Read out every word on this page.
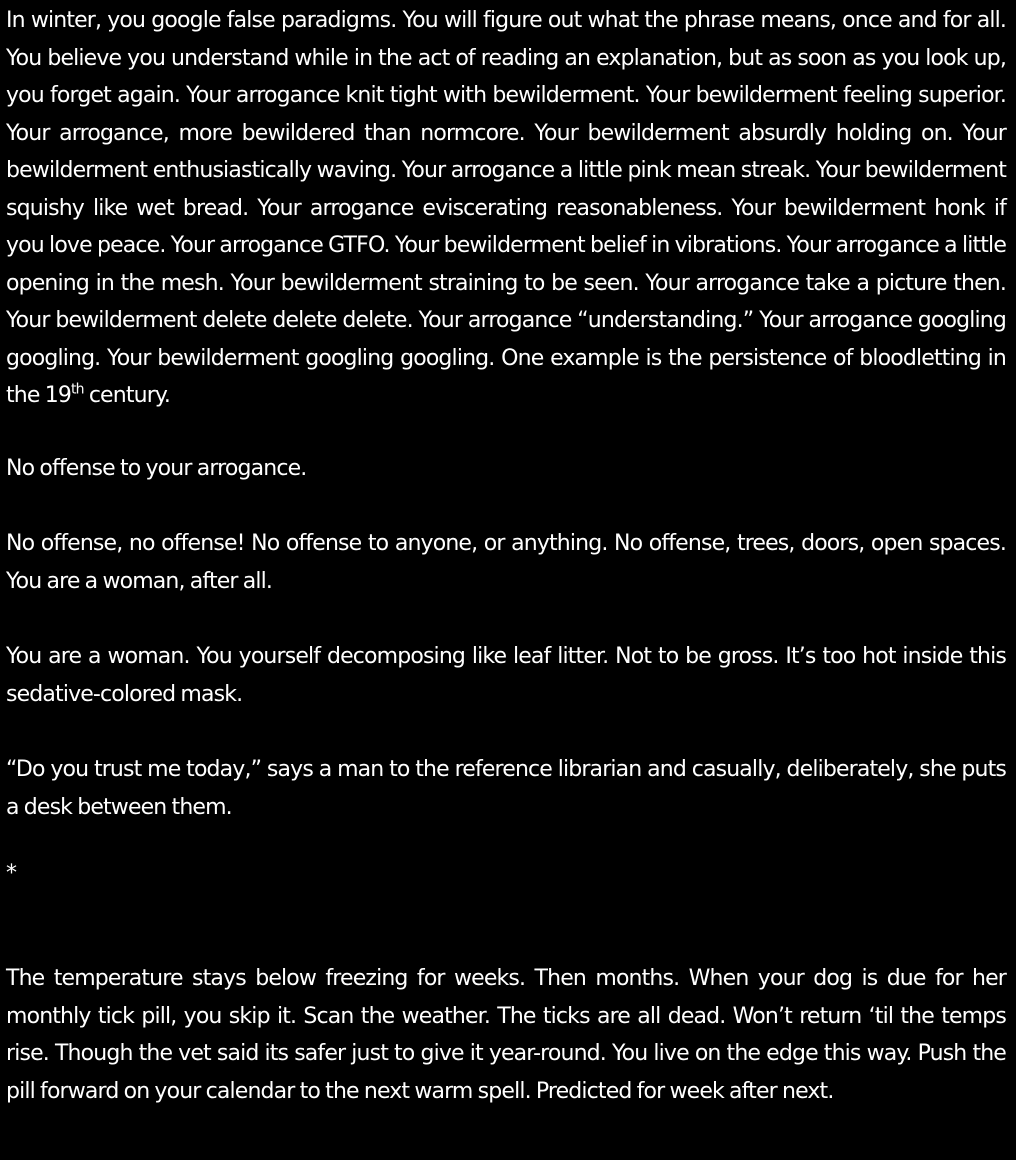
In winter, you google false paradigms. You will figure out what the phrase means, once and for all. You believe you understand while in the act of reading an explanation, but as soon as you look up, you forget again. Your arrogance knit tight with bewilderment. Your bewilderment feeling superior. Your arrogance, more bewildered than normcore. Your bewilderment absurdly holding on. Your bewilderment enthusiastically waving. Your arrogance a little pink mean streak. Your bewilderment squishy like wet bread. Your arrogance eviscerating reasonableness. Your bewilderment honk if you love peace. Your arrogance GTFO. Your bewilderment belief in vibrations. Your arrogance a little opening in the mesh. Your bewilderment straining to be seen. Your arrogance take a picture then. Your bewilderment delete delete delete. Your arrogance “understanding.” Your arrogance googling googling. Your bewilderment googling googling. One example is the persistence of bloodletting in the 19th century.

No offense to your arrogance.

No offense, no offense! No offense to anyone, or anything. No offense, trees, doors, open spaces. You are a woman, after all.

You are a woman. You yourself decomposing like leaf litter. Not to be gross. It’s too hot inside this sedative-colored mask.

“Do you trust me today,” says a man to the reference librarian and casually, deliberately, she puts a desk between them.

*

The temperature stays below freezing for weeks. Then months. When your dog is due for her monthly tick pill, you skip it. Scan the weather. The ticks are all dead. Won’t return ‘til the temps rise. Though the vet said its safer just to give it year-round. You live on the edge this way. Push the pill forward on your calendar to the next warm spell. Predicted for week after next.
